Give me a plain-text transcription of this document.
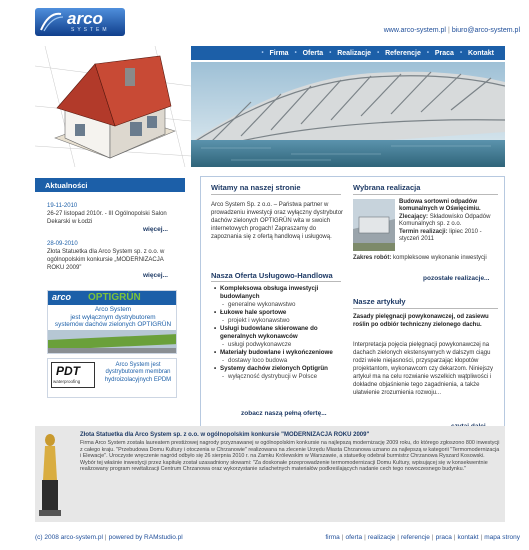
arco
SYSTEM	www.arco-system.pl | biuro@arco-system.pl
• Firma	• Oferta	• Realizacje	• Referencje	• Praca	• Kontakt
Aktualności
19-11-2010
26-27 listopad 2010r. - III Ogólnopolski Salon Dekarski w Łodzi
więcej...
28-09-2010
Złota Statuetka dla Arco System sp. z o.o. w ogólnopolskim konkursie „MODERNIZACJA ROKU 2009”
więcej...
arco OPTIGRÜN
Arco System
jest wyłącznym dystrybutorem
systemów dachów zielonych OPTIGRÜN
PDT
waterproofing
Arco System jest dystrybutorem membran hydroizolacyjnych EPDM
Witamy na naszej stronie
Arco System Sp. z o.o. – Państwa partner w prowadzeniu inwestycji oraz wyłączny dystrybutor dachów zielonych OPTIGRÜN wita w swoich internetowych progach! Zapraszamy do zapoznania się z ofertą handlową i usługową.
Nasza Oferta Usługowo-Handlowa
• Kompleksowa obsługa inwestycji budowlanych
- generalne wykonawstwo
• Łukowe hale sportowe
- projekt i wykonawstwo
• Usługi budowlane skierowane do generalnych wykonawców
- usługi podwykonawcze
• Materiały budowlane i wykończeniowe
- dostawy loco budowa
• Systemy dachów zielonych Optigrün
- wyłączność dystrybucji w Polsce
zobacz naszą pełną ofertę...
Wybrana realizacja
Budowa sortowni odpadów komunalnych w Oświęcimiu.
Zlecający: Składowisko Odpadów Komunalnych sp. z o.o.
Termin realizacji: lipiec 2010 - styczeń 2011
Zakres robót: kompleksowe wykonanie inwestycji
pozostałe realizacje...
Nasze artykuły
Zasady pielęgnacji powykonawczej, od zasiewu roślin po odbiór techniczny zielonego dachu.
Interpretacja pojęcia pielęgnacji powykonawczej na dachach zielonych ekstensywnych w dalszym ciągu rodzi wiele niejasności, przysparzając kłopotów projektantom, wykonawcom czy dekarzom. Niniejszy artykuł ma na celu rozwianie wszelkich wątpliwości i dokładne objaśnienie tego zagadnienia, a także ułatwienie zrozumienia rozwoju...
Złota Statuetka dla Arco System sp. z o.o. w ogólnopolskim konkursie "MODERNIZACJA ROKU 2009"
Firma Arco System została laureatem prestiżowej nagrody przyznawanej w ogólnopolskim konkursie na najlepszą modernizację 2009 roku, do którego zgłoszono 800 inwestycji z całego kraju. "Przebudowa Domu Kultury i otoczenia w Chrzanowie" realizowana na zlecenie Urzędu Miasta Chrzanowa uznano za najlepszą w kategorii "Termomodernizacja i Elewacje". Uroczyste wręczenie nagród odbyło się 26 sierpnia 2010 r. na Zamku Królewskim w Warszawie, a statuetkę odebrał burmistrz Chrzanowa Ryszard Kosowski. Wybór tej właśnie inwestycji przez kapitułę został uzasadniony słowami: "Za doskonałe przeprowadzenie termomodernizacji Domu Kultury, wpisującej się w konsekwentnie realizowany program rewitalizacji Centrum Chrzanowa oraz wykorzystanie szlachetnych materiałów podkreślających nadanie cech tego nowoczesnego budynku."
(c) 2008 arco-system.pl | powered by RAMstudio.pl	firma | oferta | realizacje | referencje | praca | kontakt | mapa strony
